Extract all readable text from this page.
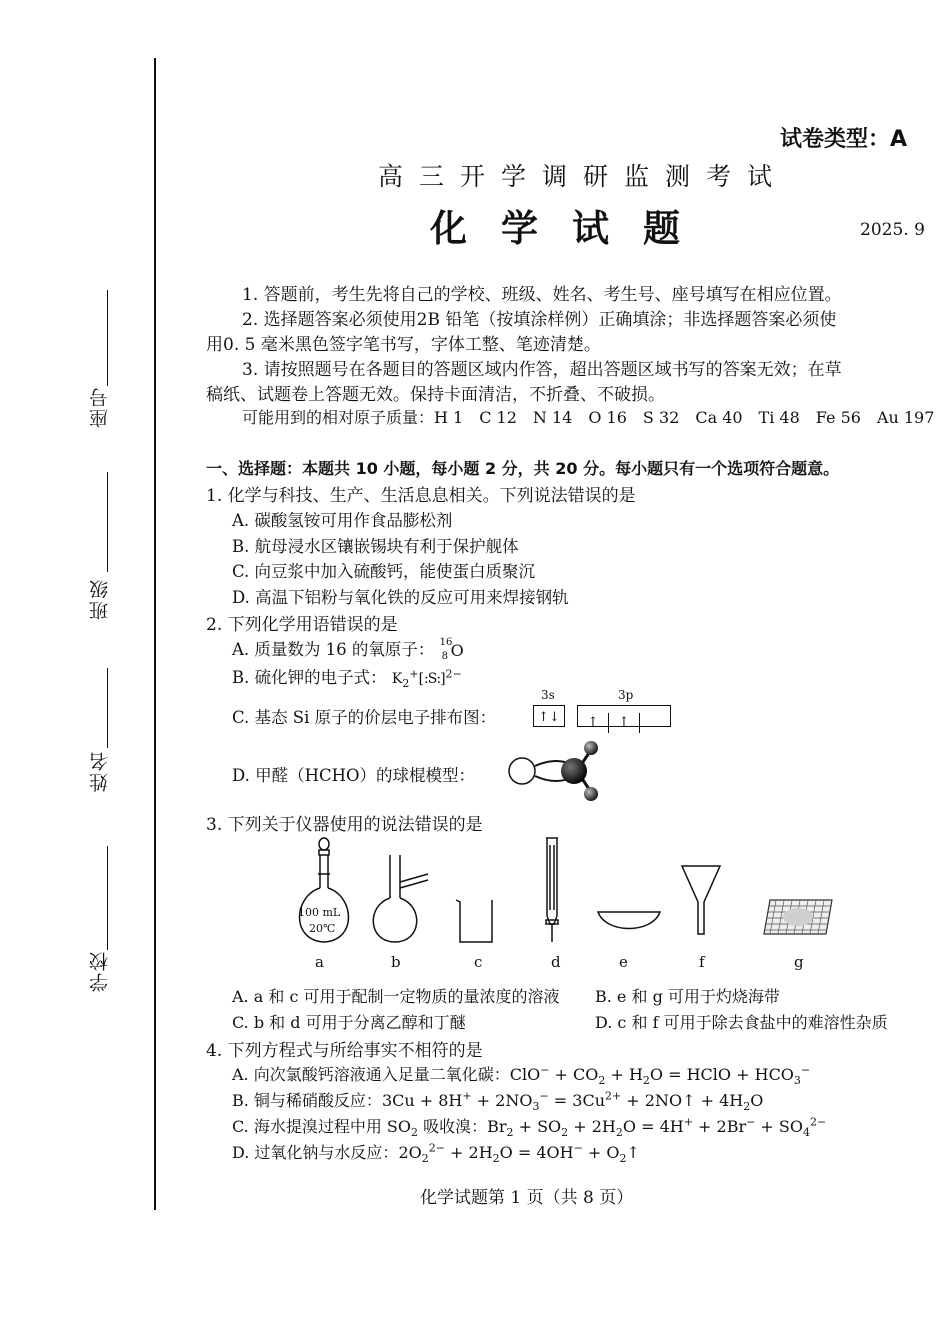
座号
班级
姓名
学校
试卷类型：A
高三开学调研监测考试
化学试题	2025. 9
1. 答题前，考生先将自己的学校、班级、姓名、考生号、座号填写在相应位置。
2. 选择题答案必须使用2B 铅笔（按填涂样例）正确填涂；非选择题答案必须使
用0. 5 毫米黑色签字笔书写，字体工整、笔迹清楚。
3. 请按照题号在各题目的答题区域内作答，超出答题区域书写的答案无效；在草
稿纸、试题卷上答题无效。保持卡面清洁，不折叠、不破损。
可能用到的相对原子质量：H 1　C 12　N 14　O 16　S 32　Ca 40　Ti 48　Fe 56　Au 197
一、选择题：本题共 10 小题，每小题 2 分，共 20 分。每小题只有一个选项符合题意。
1. 化学与科技、生产、生活息息相关。下列说法错误的是
A. 碳酸氢铵可用作食品膨松剂
B. 航母浸水区镶嵌锡块有利于保护舰体
C. 向豆浆中加入硫酸钙，能使蛋白质聚沉
D. 高温下铝粉与氧化铁的反应可用来焊接钢轨
2. 下列化学用语错误的是
A. 质量数为 16 的氧原子： 16
8 O
B. 硫化钾的电子式： $K_2^+[:S:]^{2-}$
C. 基态 Si 原子的价层电子排布图：
3s	3p
↑↓	↑ ↑
D. 甲醛（HCHO）的球棍模型：
3. 下列关于仪器使用的说法错误的是
100 mL
20℃
a	b	c	d	e	f	g
A. a 和 c 可用于配制一定物质的量浓度的溶液 B. e 和 g 可用于灼烧海带
C. b 和 d 可用于分离乙醇和丁醚	D. c 和 f 可用于除去食盐中的难溶性杂质
4. 下列方程式与所给事实不相符的是
A. 向次氯酸钙溶液通入足量二氧化碳：$ClO^- + CO_2 + H_2O$ = HClO + $HCO_3^-$
B. 铜与稀硝酸反应：$3Cu + 8H^+ + 2NO_3^- = 3Cu^{2+}$ + 2NO↑ + $4H_2O$
C. 海水提溴过程中用 $SO_2$ 吸收溴：$Br_2 + SO_2 + 2H_2O = 4H^+ + 2Br^- + SO_4^{2-}$
D. 过氧化钠与水反应：$2O_2^{2-} + 2H_2O = 4OH^-$ + $O_2↑$
化学试题第 1 页（共 8 页）
